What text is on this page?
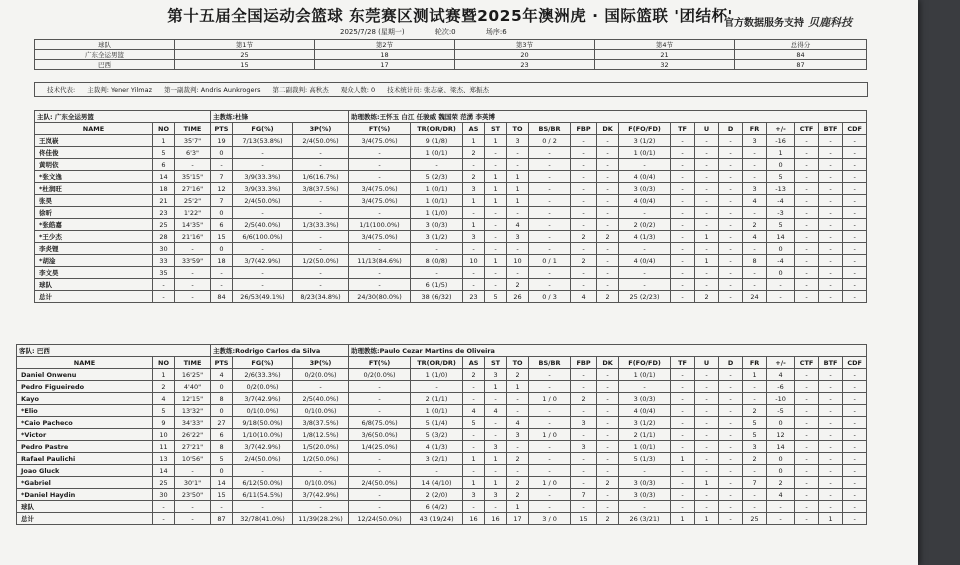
第十五届全国运动会篮球 东莞赛区测试赛暨2025年澳洲虎 · 国际篮联 '团结杯'
官方数据服务支持 贝鹿科技
2025/7/28 (星期一)	轮次:0	场序:6
球队	第1节	第2节	第3节	第4节	总得分
广东全运男篮	25	18	20	21	84
巴西	15	17	23	32	87
技术代表:	主裁判: Yener Yilmaz	第一副裁判: Andris Aunkrogers	第二副裁判: 高秋杰	观众人数: 0	技术统计员: 张志豪、梁杰、郑振杰
主队: 广东全运男篮			主教练:杜锋			助理教练:王怀玉 白江 任骏威 魏国荣 范湧 李英博																
NAME	NO	TIME	PTS	FG(%)	3P(%)	FT(%)	TR(OR/DR)	AS	ST	TO	BS/BR	FBP	DK	F(FO/FD)	TF	U	D	FR	+/-	CTF	BTF	CDF
王岚嵚	1	35'7"	19	7/13(53.8%)	2/4(50.0%)	3/4(75.0%)	9 (1/8)	1	1	3	0 / 2	-	-	3 (1/2)	-	-	-	3	-16	-	-	-
佟佳俊	5	6'3"	0	-	-	-	1 (0/1)	2	-	-	-	-	-	1 (0/1)	-	-	-	-	1	-	-	-
黄明依	6	-	-	-	-	-	-	-	-	-	-	-	-	-	-	-	-	-	0	-	-	-
*张文逸	14	35'15"	7	3/9(33.3%)	1/6(16.7%)	-	5 (2/3)	2	1	1	-	-	-	4 (0/4)	-	-	-	-	5	-	-	-
*杜润旺	18	27'16"	12	3/9(33.3%)	3/8(37.5%)	3/4(75.0%)	1 (0/1)	3	1	1	-	-	-	3 (0/3)	-	-	-	3	-13	-	-	-
张昊	21	25'2"	7	2/4(50.0%)	-	3/4(75.0%)	1 (0/1)	1	1	1	-	-	-	4 (0/4)	-	-	-	4	-4	-	-	-
徐昕	23	1'22"	0	-	-	-	1 (1/0)	-	-	-	-	-	-	-	-	-	-	-	-3	-	-	-
*张皓嘉	25	14'35"	6	2/5(40.0%)	1/3(33.3%)	1/1(100.0%)	3 (0/3)	1	-	4	-	-	-	2 (0/2)	-	-	-	2	5	-	-	-
*王少杰	28	21'16"	15	6/6(100.0%)	-	3/4(75.0%)	3 (1/2)	3	-	3	-	2	2	4 (1/3)	-	1	-	4	14	-	-	-
李炎锂	30	-	0	-	-	-	-	-	-	-	-	-	-	-	-	-	-	-	0	-	-	-
*胡淦	33	33'59"	18	3/7(42.9%)	1/2(50.0%)	11/13(84.6%)	8 (0/8)	10	1	10	0 / 1	2	-	4 (0/4)	-	1	-	8	-4	-	-	-
李文昊	35	-	-	-	-	-	-	-	-	-	-	-	-	-	-	-	-	-	0	-	-	-
球队	-	-	-	-	-	-	6 (1/5)	-	-	2	-	-	-	-	-	-	-	-	-	-	-	-
总计	-	-	84	26/53(49.1%)	8/23(34.8%)	24/30(80.0%)	38 (6/32)	23	5	26	0 / 3	4	2	25 (2/23)	-	2	-	24	-	-	-	-
客队: 巴西			主教练:Rodrigo Carlos da Silva			助理教练:Paulo Cezar Martins de Oliveira																
NAME	NO	TIME	PTS	FG(%)	3P(%)	FT(%)	TR(OR/DR)	AS	ST	TO	BS/BR	FBP	DK	F(FO/FD)	TF	U	D	FR	+/-	CTF	BTF	CDF
Daniel Onwenu	1	16'25"	4	2/6(33.3%)	0/2(0.0%)	0/2(0.0%)	1 (1/0)	2	3	2	-	-	-	1 (0/1)	-	-	-	1	4	-	-	-
Pedro Figueiredo	2	4'40"	0	0/2(0.0%)	-	-	-	-	1	1	-	-	-	-	-	-	-	-	-6	-	-	-
Kayo	4	12'15"	8	3/7(42.9%)	2/5(40.0%)	-	2 (1/1)	-	-	-	1 / 0	2	-	3 (0/3)	-	-	-	-	-10	-	-	-
*Elio	5	13'32"	0	0/1(0.0%)	0/1(0.0%)	-	1 (0/1)	4	4	-	-	-	-	4 (0/4)	-	-	-	2	-5	-	-	-
*Caio Pacheco	9	34'33"	27	9/18(50.0%)	3/8(37.5%)	6/8(75.0%)	5 (1/4)	5	-	4	-	3	-	3 (1/2)	-	-	-	5	0	-	-	-
*Victor	10	26'22"	6	1/10(10.0%)	1/8(12.5%)	3/6(50.0%)	5 (3/2)	-	-	3	1 / 0	-	-	2 (1/1)	-	-	-	5	12	-	-	-
Pedro Pastre	11	27'21"	8	3/7(42.9%)	1/5(20.0%)	1/4(25.0%)	4 (1/3)	-	3	-	-	3	-	1 (0/1)	-	-	-	3	14	-	-	-
Rafael Paulichi	13	10'56"	5	2/4(50.0%)	1/2(50.0%)	-	3 (2/1)	1	1	2	-	-	-	5 (1/3)	1	-	-	2	0	-	-	-
Joao Gluck	14	-	0	-	-	-	-	-	-	-	-	-	-	-	-	-	-	-	0	-	-	-
*Gabriel	25	30'1"	14	6/12(50.0%)	0/1(0.0%)	2/4(50.0%)	14 (4/10)	1	1	2	1 / 0	-	2	3 (0/3)	-	1	-	7	2	-	-	-
*Daniel Haydin	30	23'50"	15	6/11(54.5%)	3/7(42.9%)	-	2 (2/0)	3	3	2	-	7	-	3 (0/3)	-	-	-	-	4	-	-	-
球队	-	-	-	-	-	-	6 (4/2)	-	-	1	-	-	-	-	-	-	-	-	-	-	-	-
总计	-	-	87	32/78(41.0%)	11/39(28.2%)	12/24(50.0%)	43 (19/24)	16	16	17	3 / 0	15	2	26 (3/21)	1	1	-	25	-	-	1	-
